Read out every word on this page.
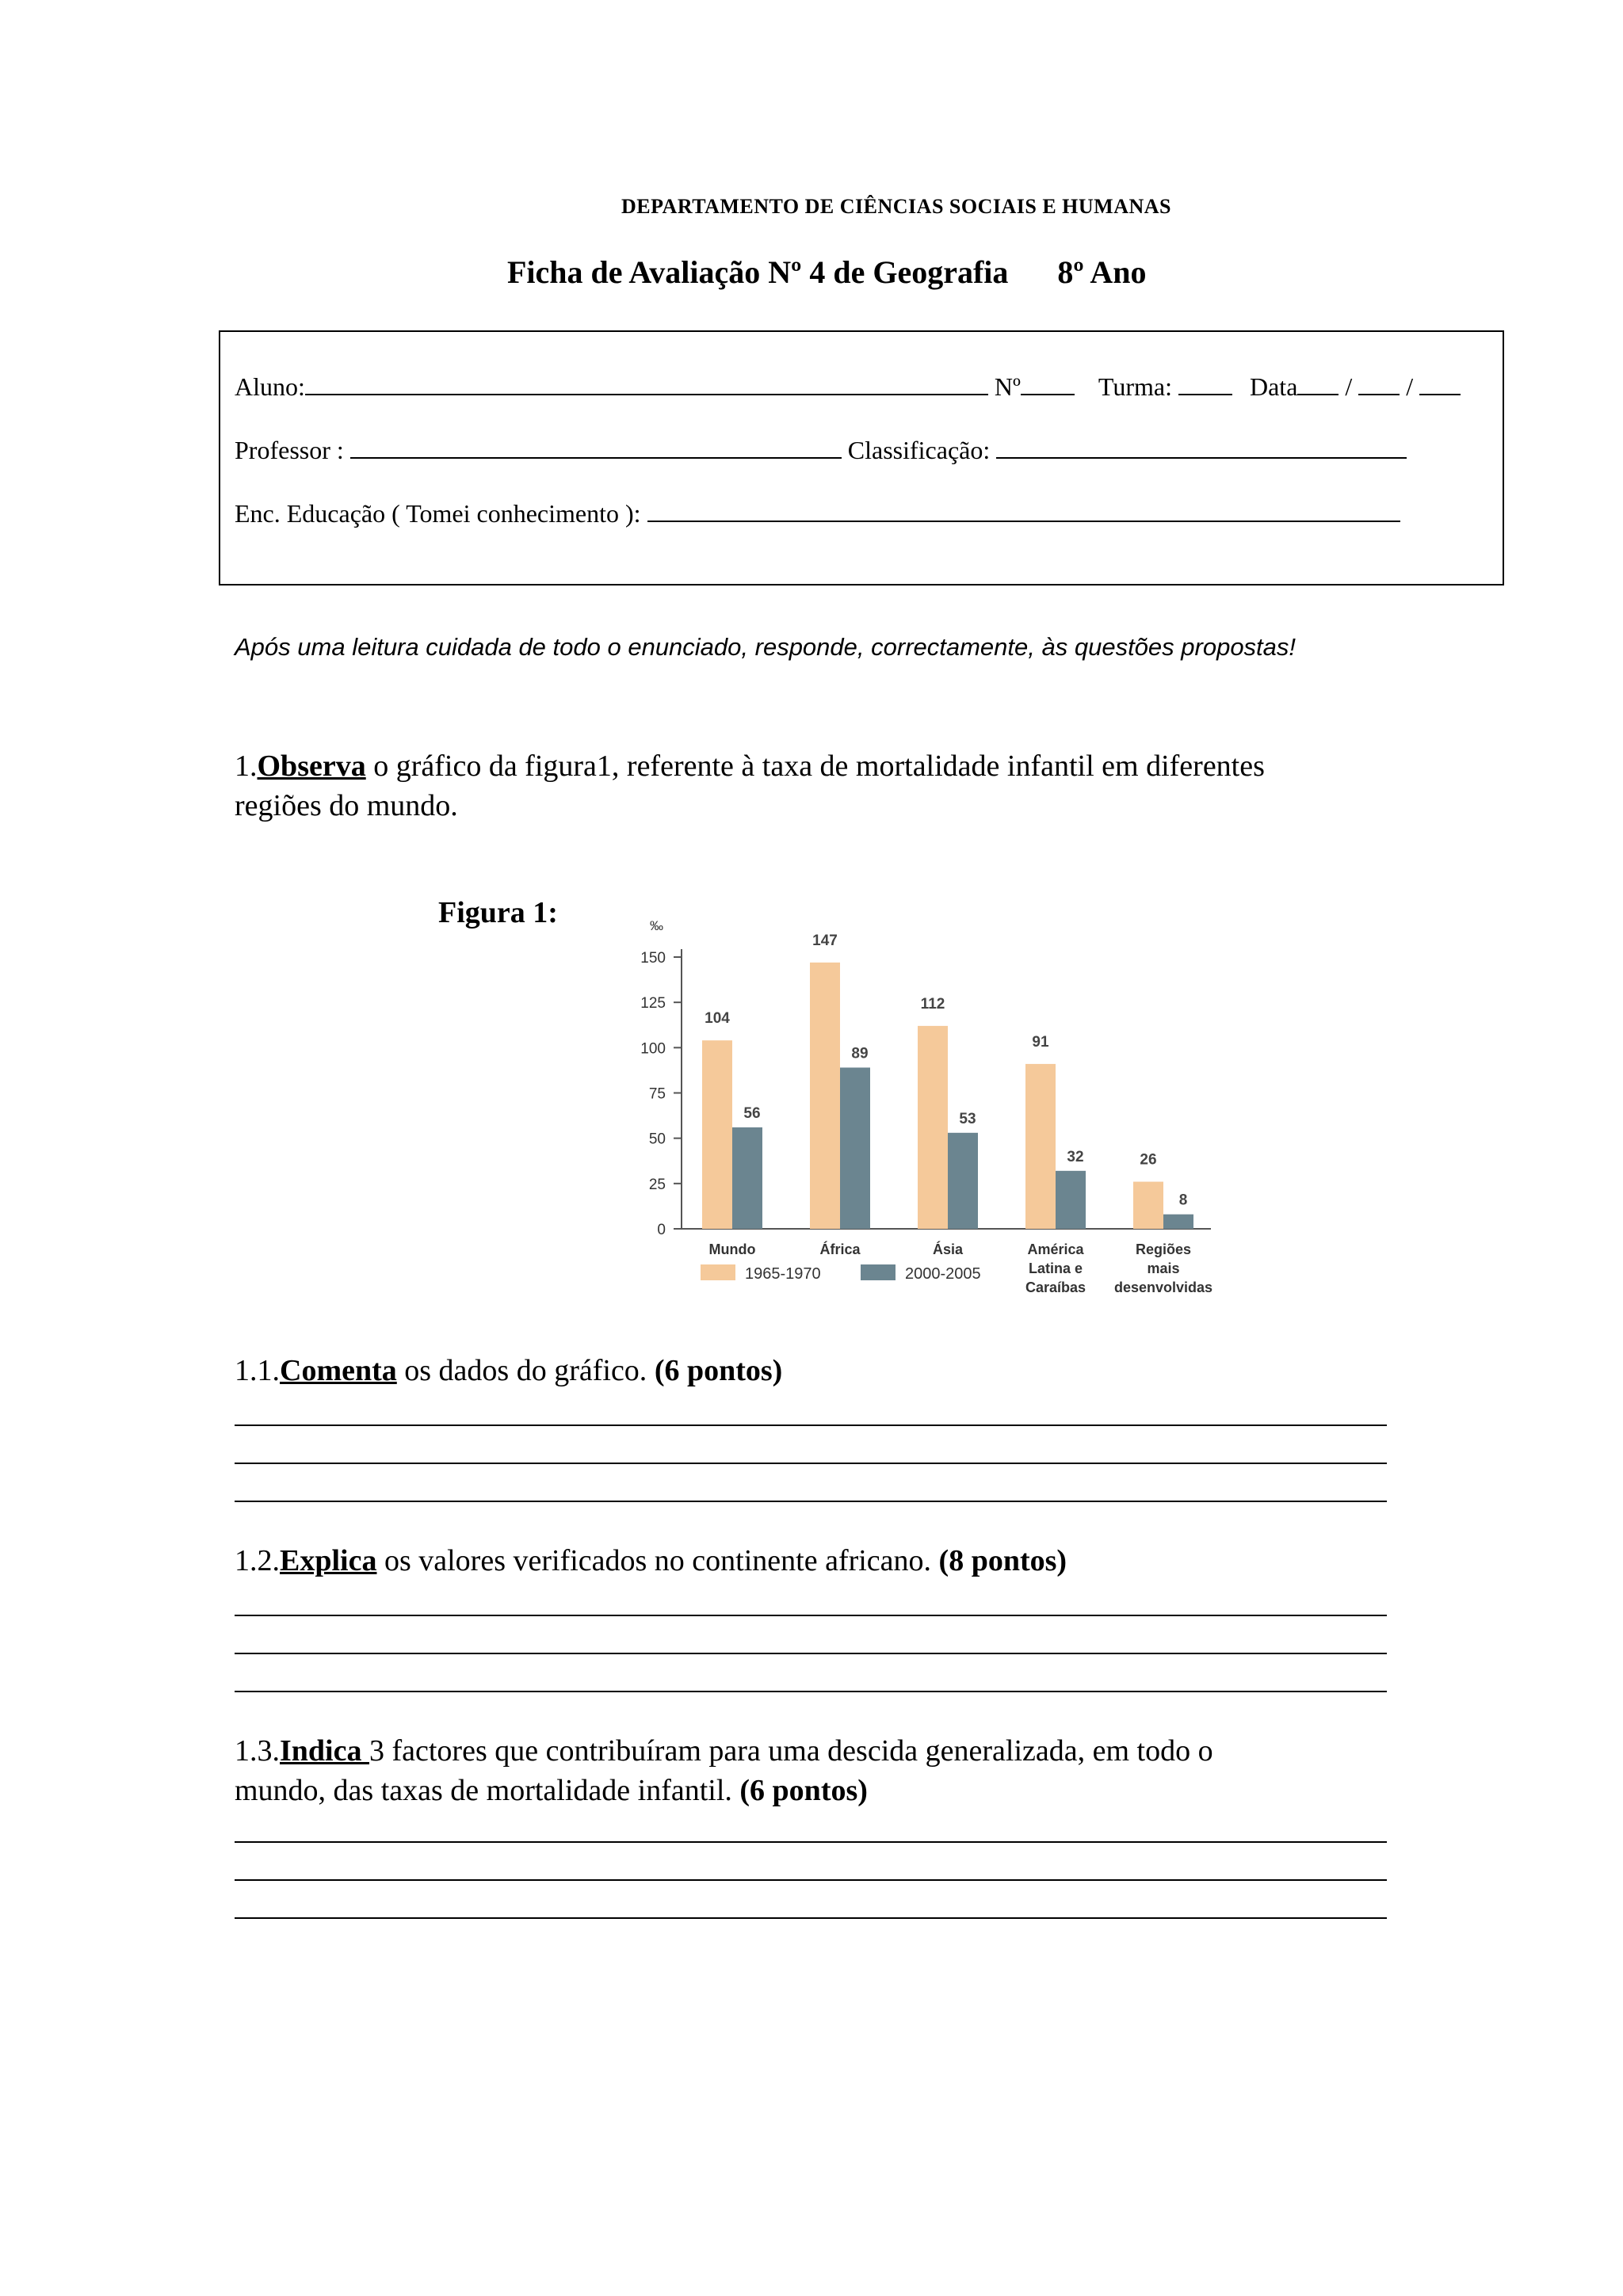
DEPARTAMENTO DE CIÊNCIAS SOCIAIS E HUMANAS
Ficha de Avaliação Nº 4 de Geografia 8º Ano
Aluno:	Nº	Turma:	Data / /
Professor :	Classificação:
Enc. Educação ( Tomei conhecimento ):
Após uma leitura cuidada de todo o enunciado, responde, correctamente, às questões propostas!
1.Observa o gráfico da figura1, referente à taxa de mortalidade infantil em diferentes
regiões do mundo.
Figura 1:	‰
0
25
50
75
100
125
150
104
56
Mundo
147
89
África
112
53
Ásia
91
32
América
Latina e
Caraíbas
26
8
Regiões
mais
desenvolvidas
1965-1970	2000-2005
1.1.Comenta os dados do gráfico. (6 pontos)
1.2.Explica os valores verificados no continente africano. (8 pontos)
1.3.Indica 3 factores que contribuíram para uma descida generalizada, em todo o
mundo, das taxas de mortalidade infantil. (6 pontos)
